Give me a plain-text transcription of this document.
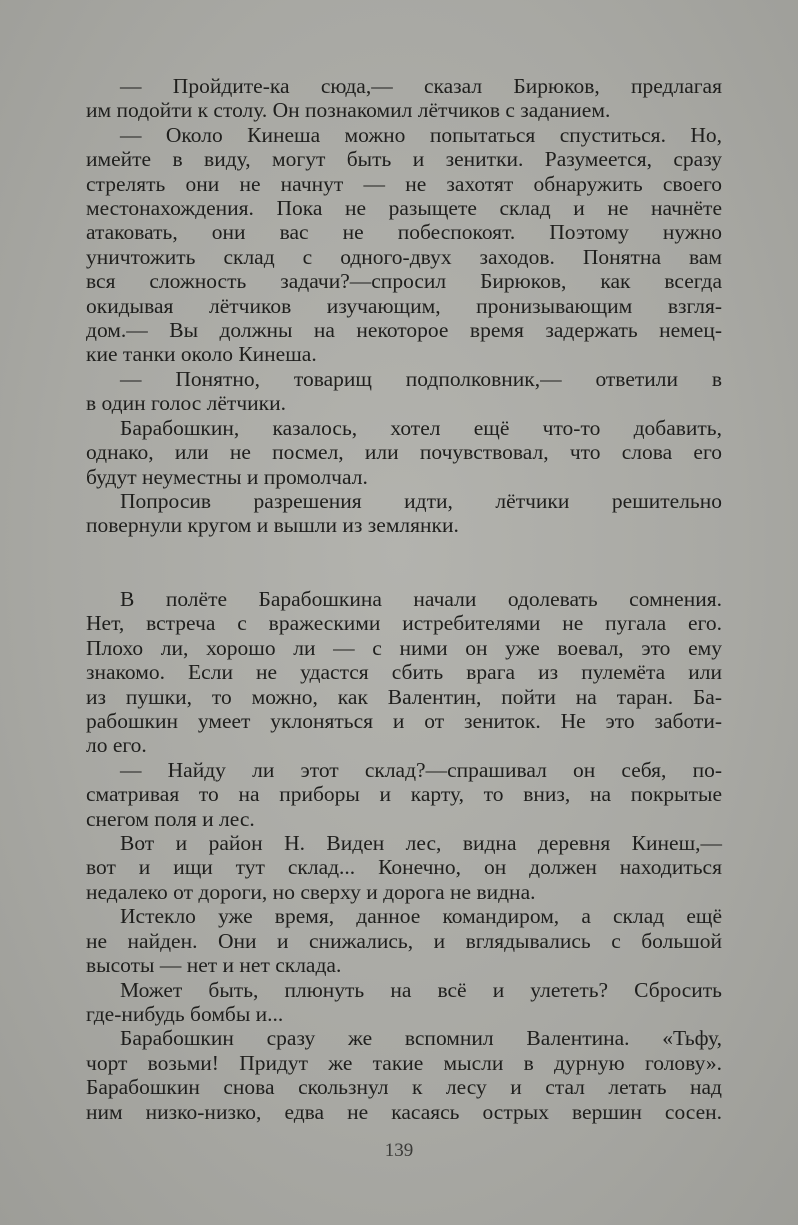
— Пройдите-ка сюда,— сказал Бирюков, предлагая
им подойти к столу. Он познакомил лётчиков с заданием.

— Около Кинеша можно попытаться спуститься. Но,
имейте в виду, могут быть и зенитки. Разумеется, сразу
стрелять они не начнут — не захотят обнаружить своего
местонахождения. Пока не разыщете склад и не начнёте
атаковать, они вас не побеспокоят. Поэтому нужно
уничтожить склад с одного-двух заходов. Понятна вам
вся сложность задачи?—спросил Бирюков, как всегда
окидывая лётчиков изучающим, пронизывающим взгля-
дом.— Вы должны на некоторое время задержать немец-
кие танки около Кинеша.

— Понятно, товарищ подполковник,— ответили в
в один голос лётчики.

Барабошкин, казалось, хотел ещё что-то добавить,
однако, или не посмел, или почувствовал, что слова его
будут неуместны и промолчал.

Попросив разрешения идти, лётчики решительно
повернули кругом и вышли из землянки.

В полёте Барабошкина начали одолевать сомнения.
Нет, встреча с вражескими истребителями не пугала его.
Плохо ли, хорошо ли — с ними он уже воевал, это ему
знакомо. Если не удастся сбить врага из пулемёта или
из пушки, то можно, как Валентин, пойти на таран. Ба-
рабошкин умеет уклоняться и от зениток. Не это заботи-
ло его.

— Найду ли этот склад?—спрашивал он себя, по-
сматривая то на приборы и карту, то вниз, на покрытые
снегом поля и лес.

Вот и район Н. Виден лес, видна деревня Кинеш,—
вот и ищи тут склад... Конечно, он должен находиться
недалеко от дороги, но сверху и дорога не видна.

Истекло уже время, данное командиром, а склад ещё
не найден. Они и снижались, и вглядывались с большой
высоты — нет и нет склада.

Может быть, плюнуть на всё и улететь? Сбросить
где-нибудь бомбы и...

Барабошкин сразу же вспомнил Валентина. «Тьфу,
чорт возьми! Придут же такие мысли в дурную голову».
Барабошкин снова скользнул к лесу и стал летать над
ним низко-низко, едва не касаясь острых вершин сосен.

139
